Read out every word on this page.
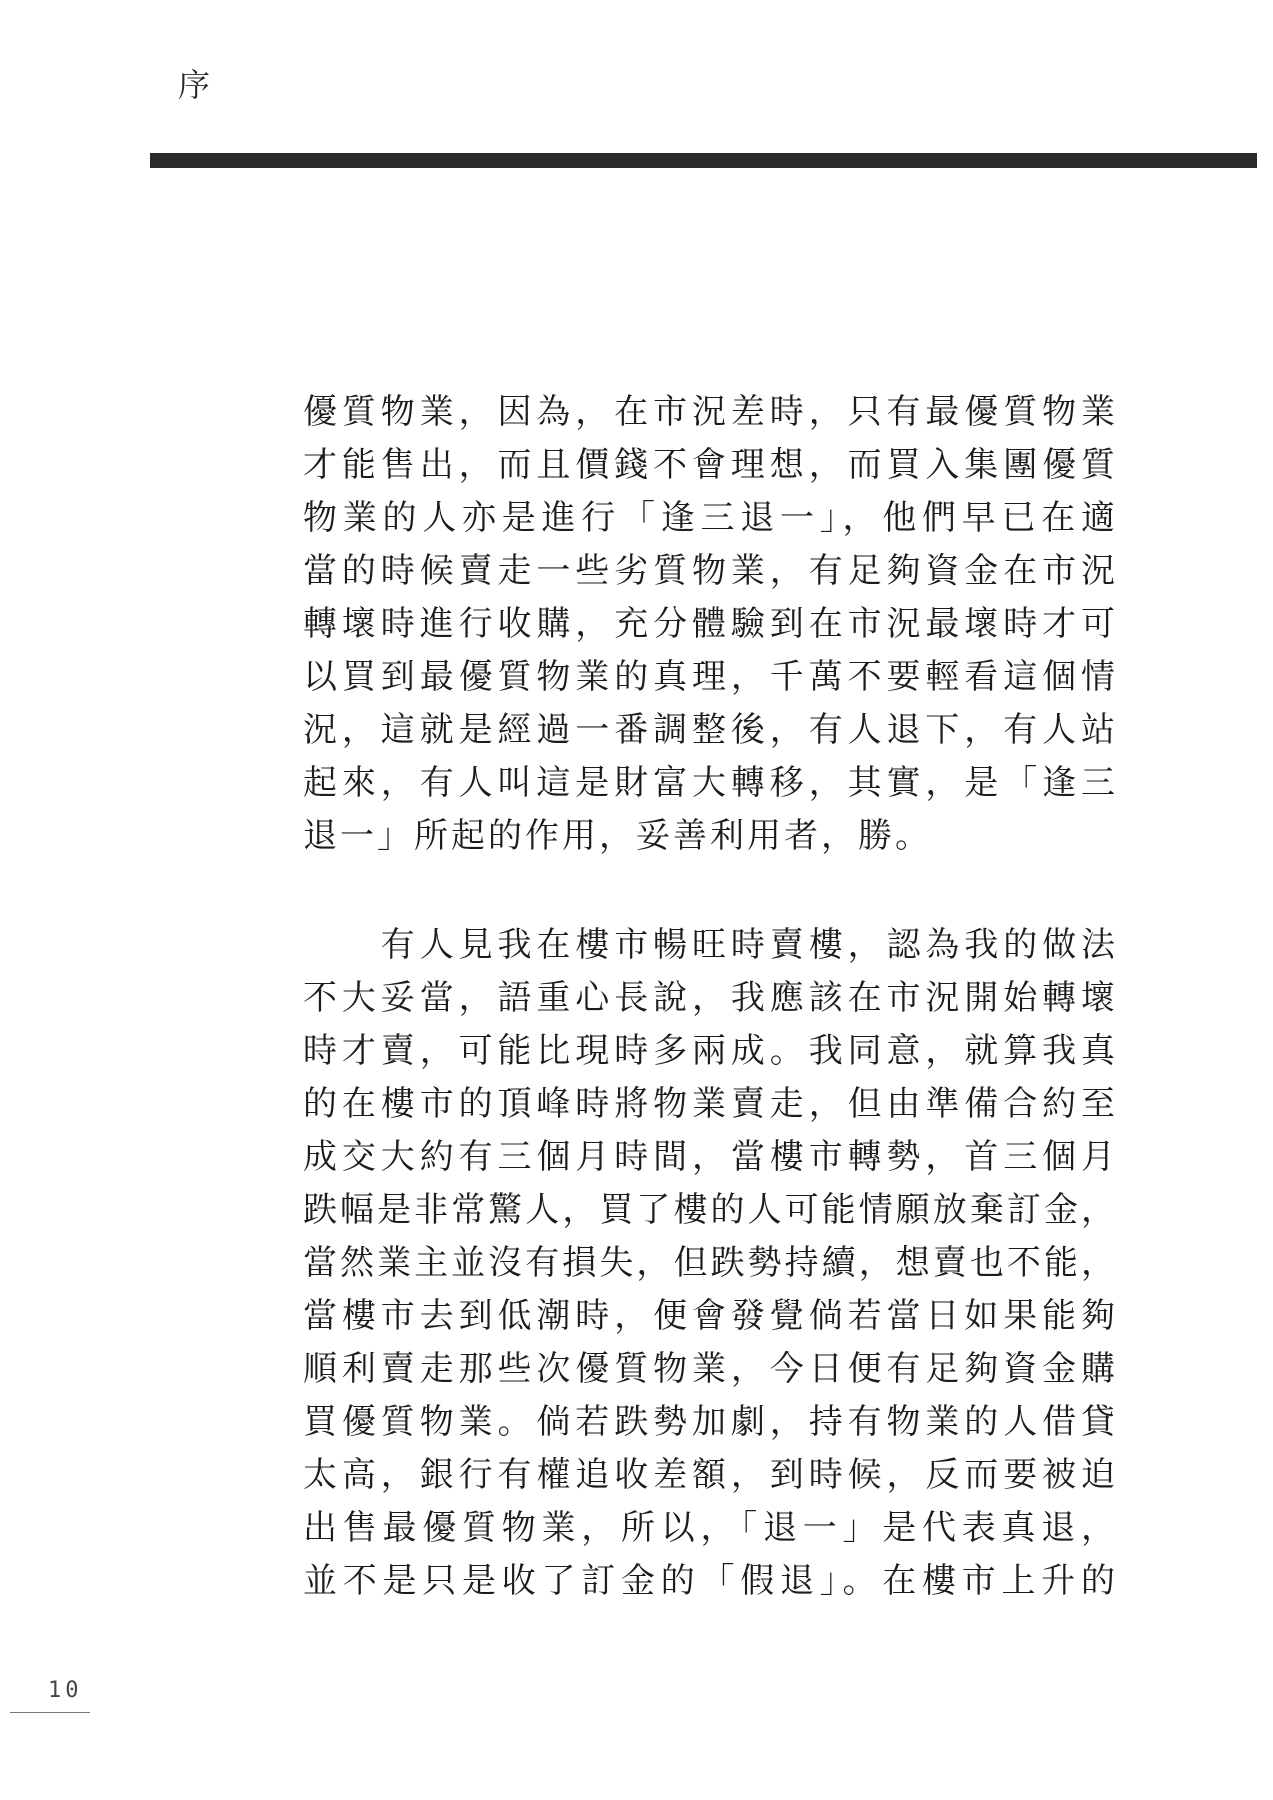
序
優質物業，因為，在市況差時，只有最優質物業
才能售出，而且價錢不會理想，而買入集團優質
物業的人亦是進行「逢三退一」，他們早已在適
當的時候賣走一些劣質物業，有足夠資金在市況
轉壞時進行收購，充分體驗到在市況最壞時才可
以買到最優質物業的真理，千萬不要輕看這個情
況，這就是經過一番調整後，有人退下，有人站
起來，有人叫這是財富大轉移，其實，是「逢三
退一」所起的作用，妥善利用者，勝。
　　有人見我在樓市暢旺時賣樓，認為我的做法
不大妥當，語重心長說，我應該在市況開始轉壞
時才賣，可能比現時多兩成。我同意，就算我真
的在樓市的頂峰時將物業賣走，但由準備合約至
成交大約有三個月時間，當樓市轉勢，首三個月
跌幅是非常驚人，買了樓的人可能情願放棄訂金，
當然業主並沒有損失，但跌勢持續，想賣也不能，
當樓市去到低潮時，便會發覺倘若當日如果能夠
順利賣走那些次優質物業，今日便有足夠資金購
買優質物業。倘若跌勢加劇，持有物業的人借貸
太高，銀行有權追收差額，到時候，反而要被迫
出售最優質物業，所以，「退一」是代表真退，
並不是只是收了訂金的「假退」。在樓市上升的
10
